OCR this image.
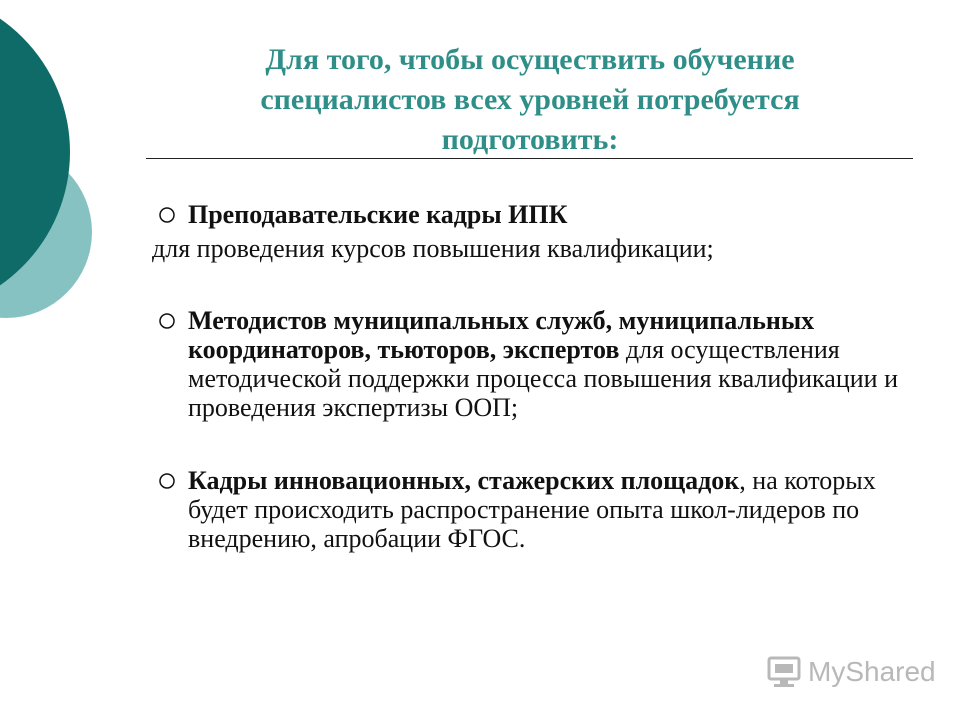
Для того, чтобы осуществить обучение
специалистов всех уровней потребуется
подготовить:

Преподавательские кадры ИПК

для проведения курсов повышения квалификации;

Методистов муниципальных служб, муниципальных координаторов, тьюторов, экспертов для осуществления методической поддержки процесса повышения квалификации и проведения экспертизы ООП;

Кадры инновационных, стажерских площадок, на которых будет происходить распространение опыта школ-лидеров по внедрению, апробации ФГОС.

MyShared
